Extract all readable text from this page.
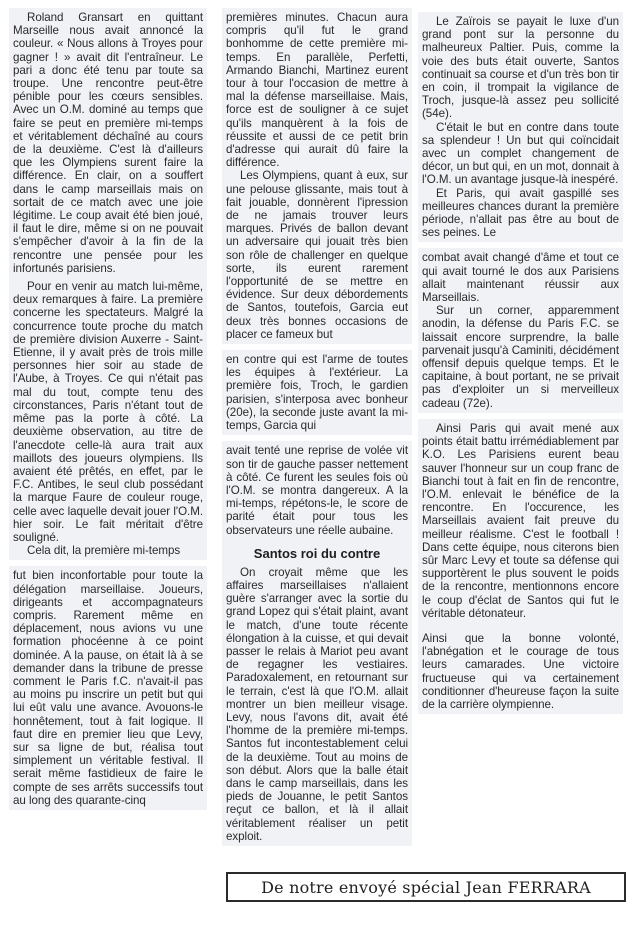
Roland Gransart en quittant Marseille nous avait annoncé la couleur. « Nous allons à Troyes pour gagner ! » avait dit l'entraîneur. Le pari a donc été tenu par toute sa troupe. Une rencontre peut-être pénible pour les cœurs sensibles. Avec un O.M. dominé au temps que faire se peut en première mi-temps et véritablement déchaîné au cours de la deuxième. C'est là d'ailleurs que les Olympiens surent faire la différence. En clair, on a souffert dans le camp marseillais mais on sortait de ce match avec une joie légitime. Le coup avait été bien joué, il faut le dire, même si on ne pouvait s'empêcher d'avoir à la fin de la rencontre une pensée pour les infortunés parisiens.

Pour en venir au match lui-même, deux remarques à faire. La première concerne les spectateurs. Malgré la concurrence toute proche du match de première division Auxerre - Saint-Etienne, il y avait près de trois mille personnes hier soir au stade de l'Aube, à Troyes. Ce qui n'était pas mal du tout, compte tenu des circonstances, Paris n'étant tout de même pas la porte à côté. La deuxième observation, au titre de l'anecdote celle-là aura trait aux maillots des joueurs olympiens. Ils avaient été prêtés, en effet, par le F.C. Antibes, le seul club possédant la marque Faure de couleur rouge, celle avec laquelle devait jouer l'O.M. hier soir. Le fait méritait d'être souligné.

Cela dit, la première mi-temps

fut bien inconfortable pour toute la délégation marseillaise. Joueurs, dirigeants et accompagnateurs compris. Rarement même en déplacement, nous avions vu une formation phocéenne à ce point dominée. A la pause, on était là à se demander dans la tribune de presse comment le Paris f.C. n'avait-il pas au moins pu inscrire un petit but qui lui eût valu une avance. Avouons-le honnêtement, tout à fait logique. Il faut dire en premier lieu que Levy, sur sa ligne de but, réalisa tout simplement un véritable festival. Il serait même fastidieux de faire le compte de ses arrêts successifs tout au long des quarante-cinq

premières minutes. Chacun aura compris qu'il fut le grand bonhomme de cette première mi-temps. En parallèle, Perfetti, Armando Bianchi, Martinez eurent tour à tour l'occasion de mettre à mal la défense marseillaise. Mais, force est de souligner à ce sujet qu'ils manquèrent à la fois de réussite et aussi de ce petit brin d'adresse qui aurait dû faire la différence.

Les Olympiens, quant à eux, sur une pelouse glissante, mais tout à fait jouable, donnèrent l'ipression de ne jamais trouver leurs marques. Privés de ballon devant un adversaire qui jouait très bien son rôle de challenger en quelque sorte, ils eurent rarement l'opportunité de se mettre en évidence. Sur deux débordements de Santos, toutefois, Garcia eut deux très bonnes occasions de placer ce fameux but

en contre qui est l'arme de toutes les équipes à l'extérieur. La première fois, Troch, le gardien parisien, s'interposa avec bonheur (20e), la seconde juste avant la mi-temps, Garcia qui

avait tenté une reprise de volée vit son tir de gauche passer nettement à côté. Ce furent les seules fois où l'O.M. se montra dangereux. A la mi-temps, répétons-le, le score de parité était pour tous les observateurs une réelle aubaine.

Santos roi du contre

On croyait même que les affaires marseillaises n'allaient guère s'arranger avec la sortie du grand Lopez qui s'était plaint, avant le match, d'une toute récente élongation à la cuisse, et qui devait passer le relais à Mariot peu avant de regagner les vestiaires. Paradoxalement, en retournant sur le terrain, c'est là que l'O.M. allait montrer un bien meilleur visage. Levy, nous l'avons dit, avait été l'homme de la première mi-temps. Santos fut incontestablement celui de la deuxième. Tout au moins de son début. Alors que la balle était dans le camp marseillais, dans les pieds de Jouanne, le petit Santos reçut ce ballon, et là il allait véritablement réaliser un petit exploit.

Le Zaïrois se payait le luxe d'un grand pont sur la personne du malheureux Paltier. Puis, comme la voie des buts était ouverte, Santos continuait sa course et d'un très bon tir en coin, il trompait la vigilance de Troch, jusque-là assez peu sollicité (54e).

C'était le but en contre dans toute sa splendeur ! Un but qui coïncidait avec un complet changement de décor, un but qui, en un mot, donnait à l'O.M. un avantage jusque-là inespéré.

Et Paris, qui avait gaspillé ses meilleures chances durant la première période, n'allait pas être au bout de ses peines. Le

combat avait changé d'âme et tout ce qui avait tourné le dos aux Parisiens allait maintenant réussir aux Marseillais.

Sur un corner, apparemment anodin, la défense du Paris F.C. se laissait encore surprendre, la balle parvenait jusqu'à Caminiti, décidément offensif depuis quelque temps. Et le capitaine, à bout portant, ne se privait pas d'exploiter un si merveilleux cadeau (72e).

Ainsi Paris qui avait mené aux points était battu irrémédiablement par K.O. Les Parisiens eurent beau sauver l'honneur sur un coup franc de Bianchi tout à fait en fin de rencontre, l'O.M. enlevait le bénéfice de la rencontre. En l'occurence, les Marseillais avaient fait preuve du meilleur réalisme. C'est le football ! Dans cette équipe, nous citerons bien sûr Marc Levy et toute sa défense qui supportèrent le plus souvent le poids de la rencontre, mentionnons encore le coup d'éclat de Santos qui fut le véritable détonateur.

Ainsi que la bonne volonté, l'abnégation et le courage de tous leurs camarades. Une victoire fructueuse qui va certainement conditionner d'heureuse façon la suite de la carrière olympienne.

De notre envoyé spécial Jean FERRARA
